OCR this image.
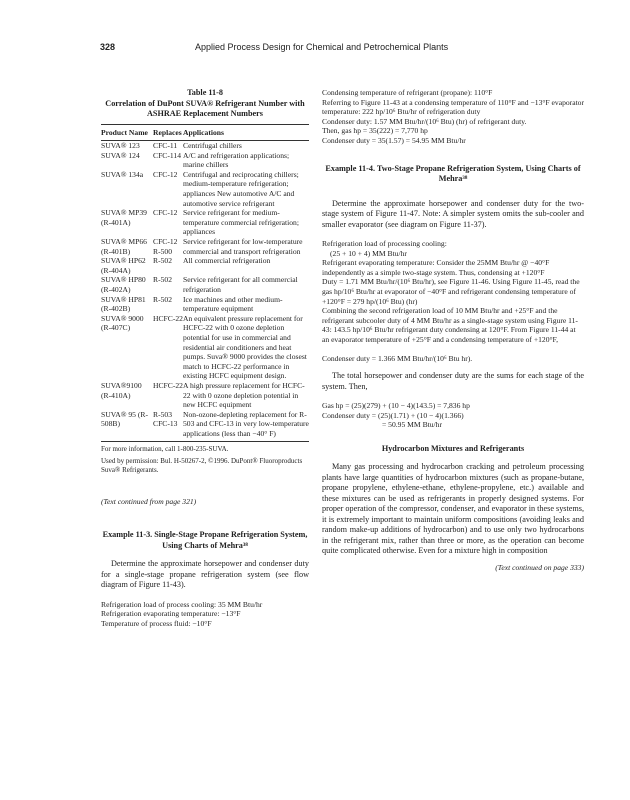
328	Applied Process Design for Chemical and Petrochemical Plants
Table 11-8
Correlation of DuPont SUVA® Refrigerant Number with ASHRAE Replacement Numbers
Product Name	Replaces	Applications
SUVA® 123	CFC-11	Centrifugal chillers
SUVA® 124	CFC-114	A/C and refrigeration applications; marine chillers
SUVA® 134a	CFC-12	Centrifugal and reciprocating chillers; medium-temperature refrigeration; appliances New automotive A/C and automotive service refrigerant
SUVA® MP39 (R-401A)	CFC-12	Service refrigerant for medium-temperature commercial refrigeration; appliances
SUVA® MP66 (R-401B)	CFC-12 R-500	Service refrigerant for low-temperature commercial and transport refrigeration
SUVA® HP62 (R-404A)	R-502	All commercial refrigeration
SUVA® HP80 (R-402A)	R-502	Service refrigerant for all commercial refrigeration
SUVA® HP81 (R-402B)	R-502	Ice machines and other medium-temperature equipment
SUVA® 9000 (R-407C)	HCFC-22	An equivalent pressure replacement for HCFC-22 with 0 ozone depletion potential for use in commercial and residential air conditioners and heat pumps. Suva® 9000 provides the closest match to HCFC-22 performance in existing HCFC equipment design.
SUVA®9100 (R-410A)	HCFC-22	A high pressure replacement for HCFC-22 with 0 ozone depletion potential in new HCFC equipment
SUVA® 95 (R-508B)	R-503 CFC-13	Non-ozone-depleting replacement for R-503 and CFC-13 in very low-temperature applications (less than −40° F)
For more information, call 1-800-235-SUVA.
Used by permission: Bul. H-50267-2, ©1996. DuPont® Fluoroproducts Suva® Refrigerants.
(Text continued from page 321)
Example 11-3. Single-Stage Propane Refrigeration System, Using Charts of Mehra³⁸
Determine the approximate horsepower and condenser duty for a single-stage propane refrigeration system (see flow diagram of Figure 11-43).
Refrigeration load of process cooling: 35 MM Btu/hr
Refrigeration evaporating temperature: −13°F
Temperature of process fluid: −10°F
Condensing temperature of refrigerant (propane): 110°F
Referring to Figure 11-43 at a condensing temperature of 110°F and −13°F evaporator temperature: 222 hp/10⁶ Btu/hr of refrigeration duty
Condenser duty: 1.57 MM Btu/hr/(10⁶ Btu) (hr) of refrigerant duty.
Then, gas hp = 35(222) = 7,770 hp
Condenser duty = 35(1.57) = 54.95 MM Btu/hr
Example 11-4. Two-Stage Propane Refrigeration System, Using Charts of Mehra³⁸
Determine the approximate horsepower and condenser duty for the two-stage system of Figure 11-47. Note: A simpler system omits the sub-cooler and smaller evaporator (see diagram on Figure 11-37).
Refrigeration load of processing cooling:
(25 + 10 + 4) MM Btu/hr
Refrigerant evaporating temperature: Consider the 25MM Btu/hr @ −40°F independently as a simple two-stage system. Thus, condensing at +120°F
Duty = 1.71 MM Btu/hr/(10⁶ Btu/hr), see Figure 11-46. Using Figure 11-45, read the gas hp/10⁶ Btu/hr at evaporator of −40°F and refrigerant condensing temperature of +120°F = 279 hp/(10⁶ Btu) (hr)
Combining the second refrigeration load of 10 MM Btu/hr and +25°F and the refrigerant subcooler duty of 4 MM Btu/hr as a single-stage system using Figure 11-43: 143.5 hp/10⁶ Btu/hr refrigerant duty condensing at 120°F. From Figure 11-44 at an evaporator temperature of +25°F and a condensing temperature of +120°F,
Condenser duty = 1.366 MM Btu/hr/(10⁶ Btu hr).
The total horsepower and condenser duty are the sums for each stage of the system. Then,
Gas hp = (25)(279) + (10 − 4)(143.5) = 7,836 hp
Condenser duty = (25)(1.71) + (10 − 4)(1.366)
= 50.95 MM Btu/hr
Hydrocarbon Mixtures and Refrigerants
Many gas processing and hydrocarbon cracking and petroleum processing plants have large quantities of hydrocarbon mixtures (such as propane-butane, propane propylene, ethylene-ethane, ethylene-propylene, etc.) available and these mixtures can be used as refrigerants in properly designed systems. For proper operation of the compressor, condenser, and evaporator in these systems, it is extremely important to maintain uniform compositions (avoiding leaks and random make-up additions of hydrocarbon) and to use only two hydrocarbons in the refrigerant mix, rather than three or more, as the operation can become quite complicated otherwise. Even for a mixture high in composition
(Text continued on page 333)
